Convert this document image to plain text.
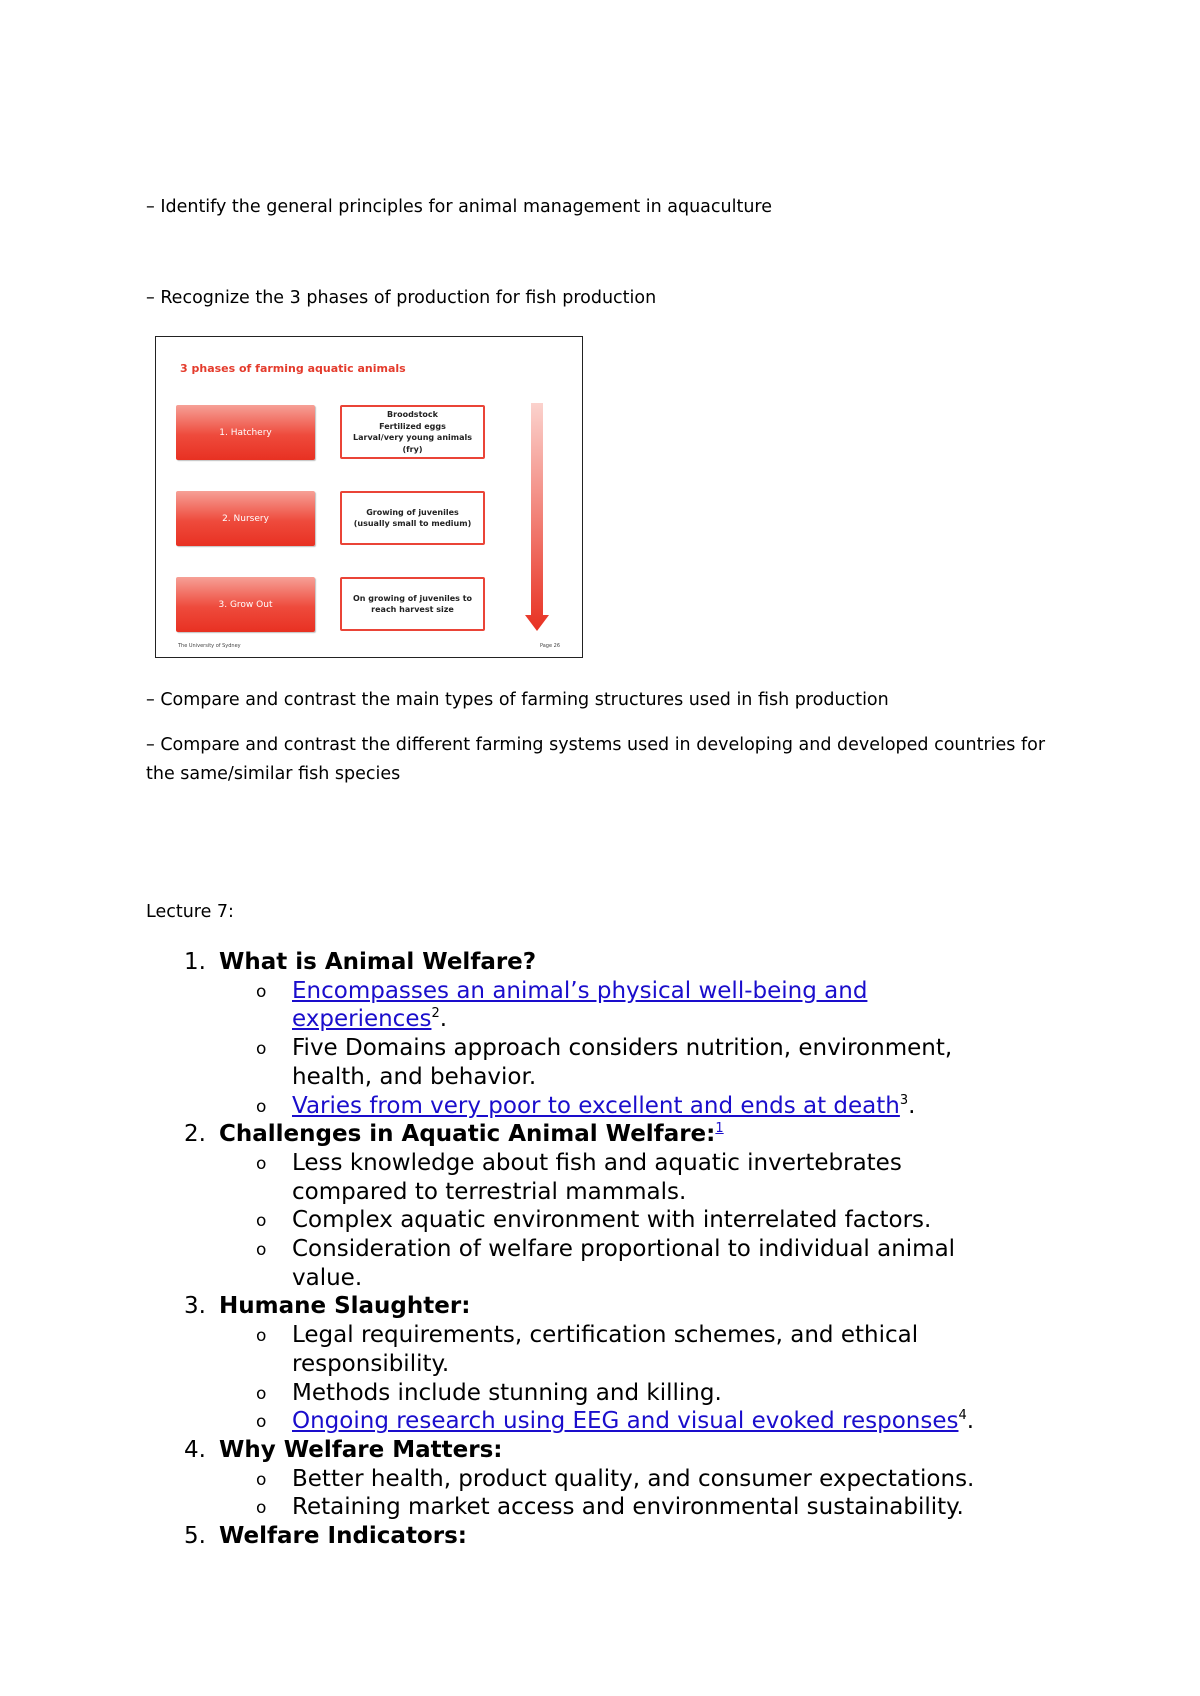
– Identify the general principles for animal management in aquaculture
– Recognize the 3 phases of production for fish production
3 phases of farming aquatic animals
1. Hatchery
2. Nursery
3. Grow Out
Broodstock
Fertilized eggs
Larval/very young animals (fry)
Growing of juveniles
(usually small to medium)
On growing of juveniles to
reach harvest size
The University of Sydney	Page 26
– Compare and contrast the main types of farming structures used in fish production
– Compare and contrast the different farming systems used in developing and developed countries for the same/similar fish species
Lecture 7:
1. What is Animal Welfare?
o Encompasses an animal’s physical well-being and experiences$^2$.
o Five Domains approach considers nutrition, environment, health, and behavior.
o Varies from very poor to excellent and ends at death$^3$.
2. Challenges in Aquatic Animal Welfare:$^1$
o Less knowledge about fish and aquatic invertebrates compared to terrestrial mammals.
o Complex aquatic environment with interrelated factors.
o Consideration of welfare proportional to individual animal value.
3. Humane Slaughter:
o Legal requirements, certification schemes, and ethical responsibility.
o Methods include stunning and killing.
o Ongoing research using EEG and visual evoked responses$^4$.
4. Why Welfare Matters:
o Better health, product quality, and consumer expectations.
o Retaining market access and environmental sustainability.
5. Welfare Indicators:
